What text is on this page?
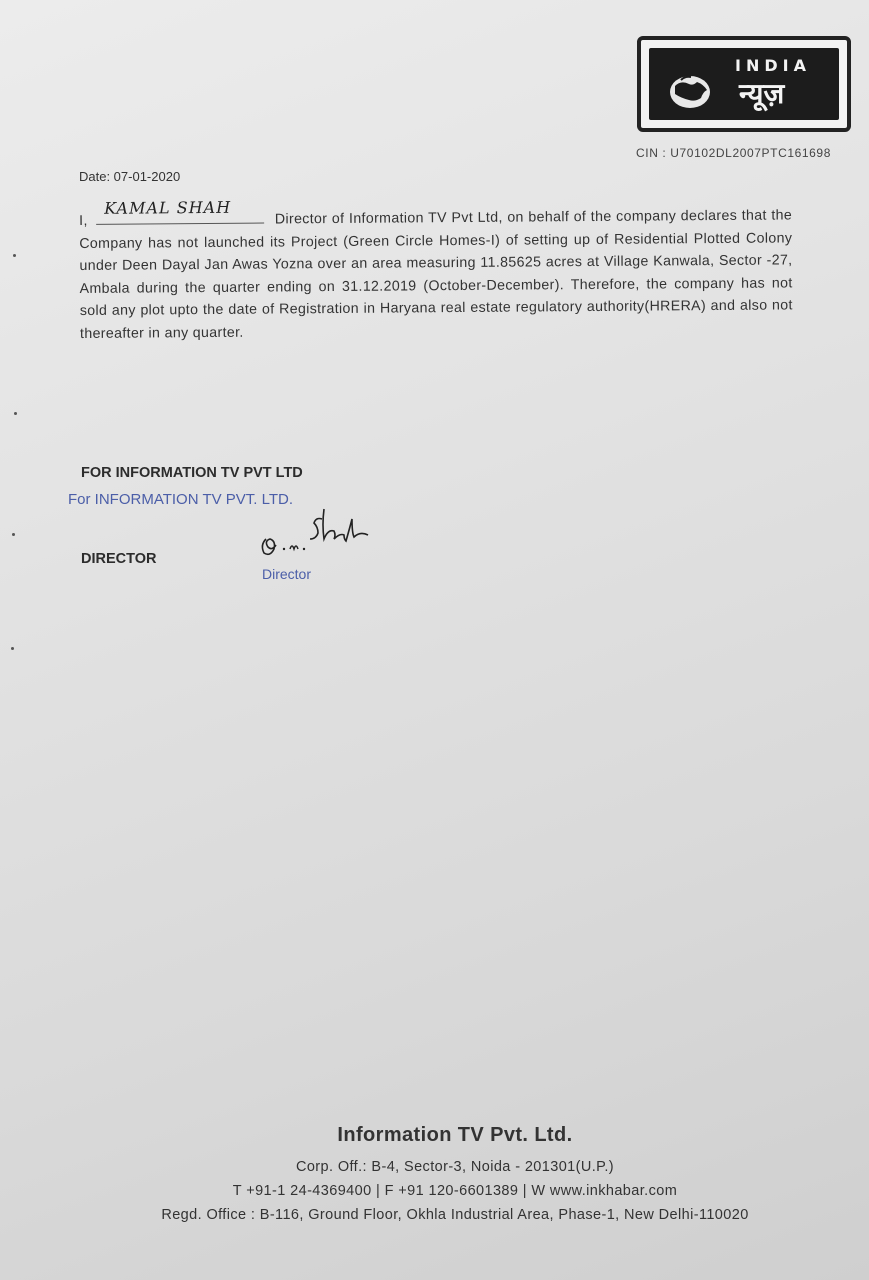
INDIA
न्यूज़
CIN : U70102DL2007PTC161698
Date: 07-01-2020
I,
KAMAL SHAH	Director of Information TV Pvt Ltd, on behalf of the company declares that the Company has not launched its Project (Green Circle Homes-I) of setting up of Residential Plotted Colony under Deen Dayal Jan Awas Yozna over an area measuring 11.85625 acres at Village Kanwala, Sector -27, Ambala during the quarter ending on 31.12.2019 (October-December). Therefore, the company has not sold any plot upto the date of Registration in Haryana real estate regulatory authority(HRERA) and also not thereafter in any quarter.
FOR INFORMATION TV PVT LTD
For INFORMATION TV PVT. LTD.
DIRECTOR
Director
Information TV Pvt. Ltd.
Corp. Off.: B-4, Sector-3, Noida - 201301(U.P.)
T +91-1 24-4369400 | F +91 120-6601389 | W www.inkhabar.com
Regd. Office : B-116, Ground Floor, Okhla Industrial Area, Phase-1, New Delhi-110020
